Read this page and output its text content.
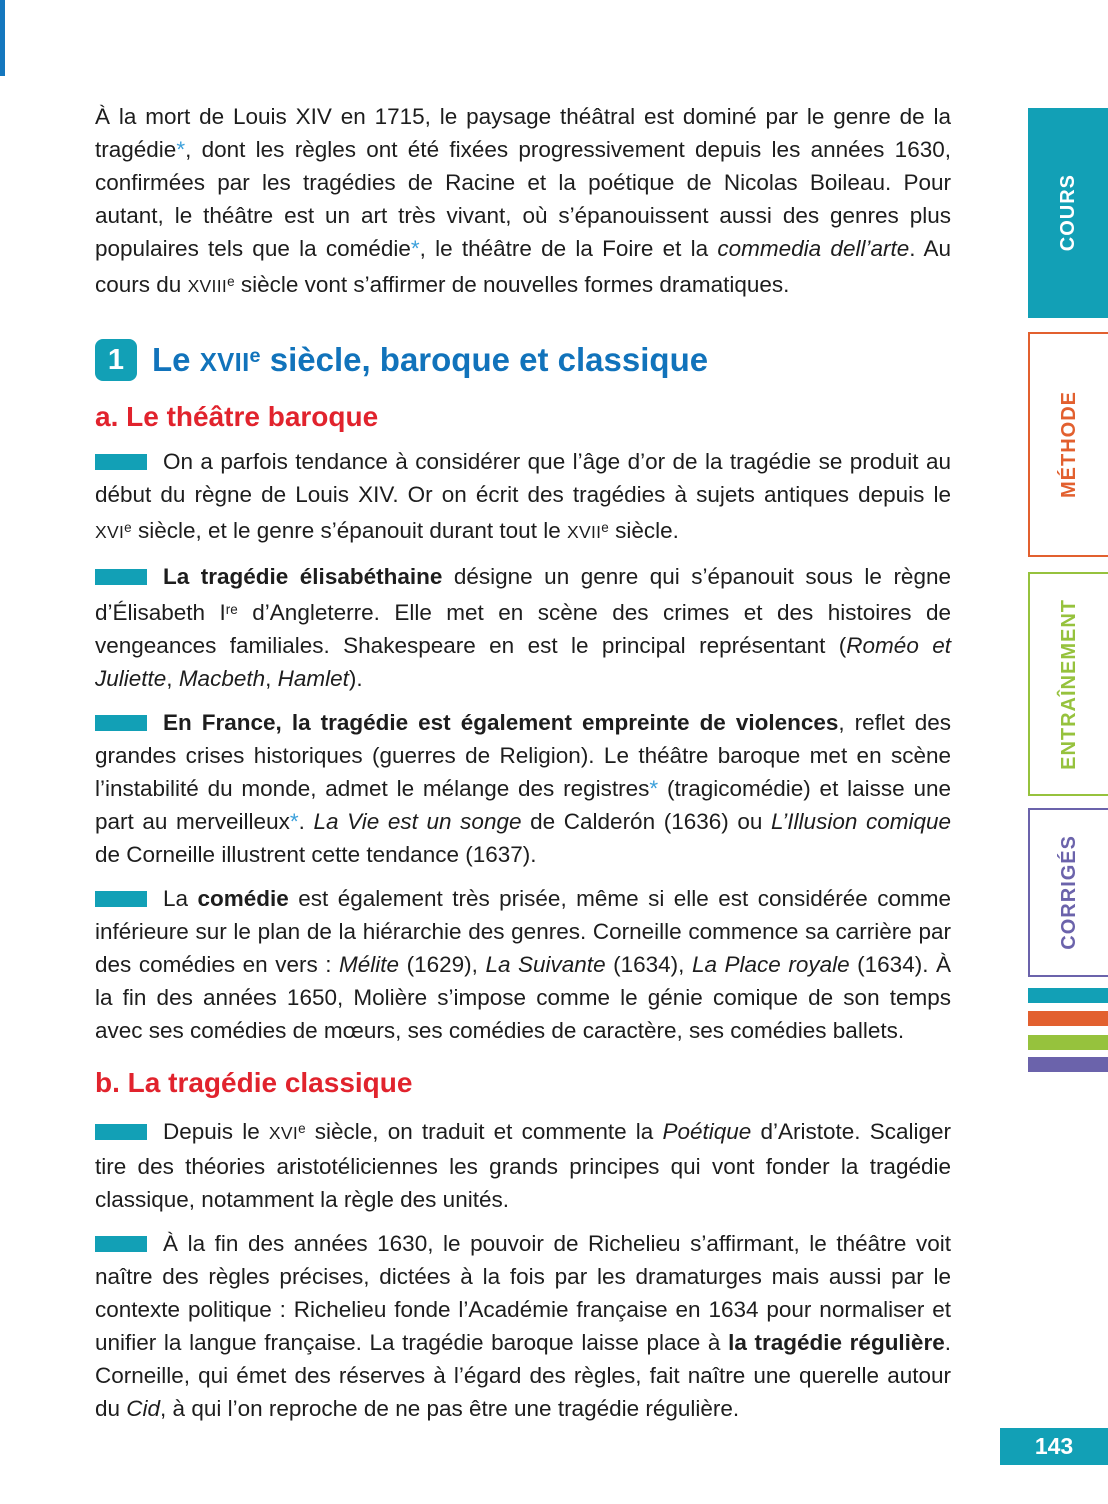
À la mort de Louis XIV en 1715, le paysage théâtral est dominé par le genre de la tragédie*, dont les règles ont été fixées progressivement depuis les années 1630, confirmées par les tragédies de Racine et la poétique de Nicolas Boileau. Pour autant, le théâtre est un art très vivant, où s’épanouissent aussi des genres plus populaires tels que la comédie*, le théâtre de la Foire et la commedia dell’arte. Au cours du XVIIIe siècle vont s’affirmer de nouvelles formes dramatiques.

1 Le XVIIe siècle, baroque et classique
a. Le théâtre baroque

On a parfois tendance à considérer que l’âge d’or de la tragédie se produit au début du règne de Louis XIV. Or on écrit des tragédies à sujets antiques depuis le XVIe siècle, et le genre s’épanouit durant tout le XVIIe siècle.

La tragédie élisabéthaine désigne un genre qui s’épanouit sous le règne d’Élisabeth Ire d’Angleterre. Elle met en scène des crimes et des histoires de vengeances familiales. Shakespeare en est le principal représentant (Roméo et Juliette, Macbeth, Hamlet).

En France, la tragédie est également empreinte de violences, reflet des grandes crises historiques (guerres de Religion). Le théâtre baroque met en scène l’instabilité du monde, admet le mélange des registres* (tragicomédie) et laisse une part au merveilleux*. La Vie est un songe de Calderón (1636) ou L’Illusion comique de Corneille illustrent cette tendance (1637).

La comédie est également très prisée, même si elle est considérée comme inférieure sur le plan de la hiérarchie des genres. Corneille commence sa carrière par des comédies en vers : Mélite (1629), La Suivante (1634), La Place royale (1634). À la fin des années 1650, Molière s’impose comme le génie comique de son temps avec ses comédies de mœurs, ses comédies de caractère, ses comédies ballets.

b. La tragédie classique

Depuis le XVIe siècle, on traduit et commente la Poétique d’Aristote. Scaliger tire des théories aristotéliciennes les grands principes qui vont fonder la tragédie classique, notamment la règle des unités.

À la fin des années 1630, le pouvoir de Richelieu s’affirmant, le théâtre voit naître des règles précises, dictées à la fois par les dramaturges mais aussi par le contexte politique : Richelieu fonde l’Académie française en 1634 pour normaliser et unifier la langue française. La tragédie baroque laisse place à la tragédie régulière. Corneille, qui émet des réserves à l’égard des règles, fait naître une querelle autour du Cid, à qui l’on reproche de ne pas être une tragédie régulière.

COURS
MÉTHODE
ENTRAÎNEMENT
CORRIGÉS
143
